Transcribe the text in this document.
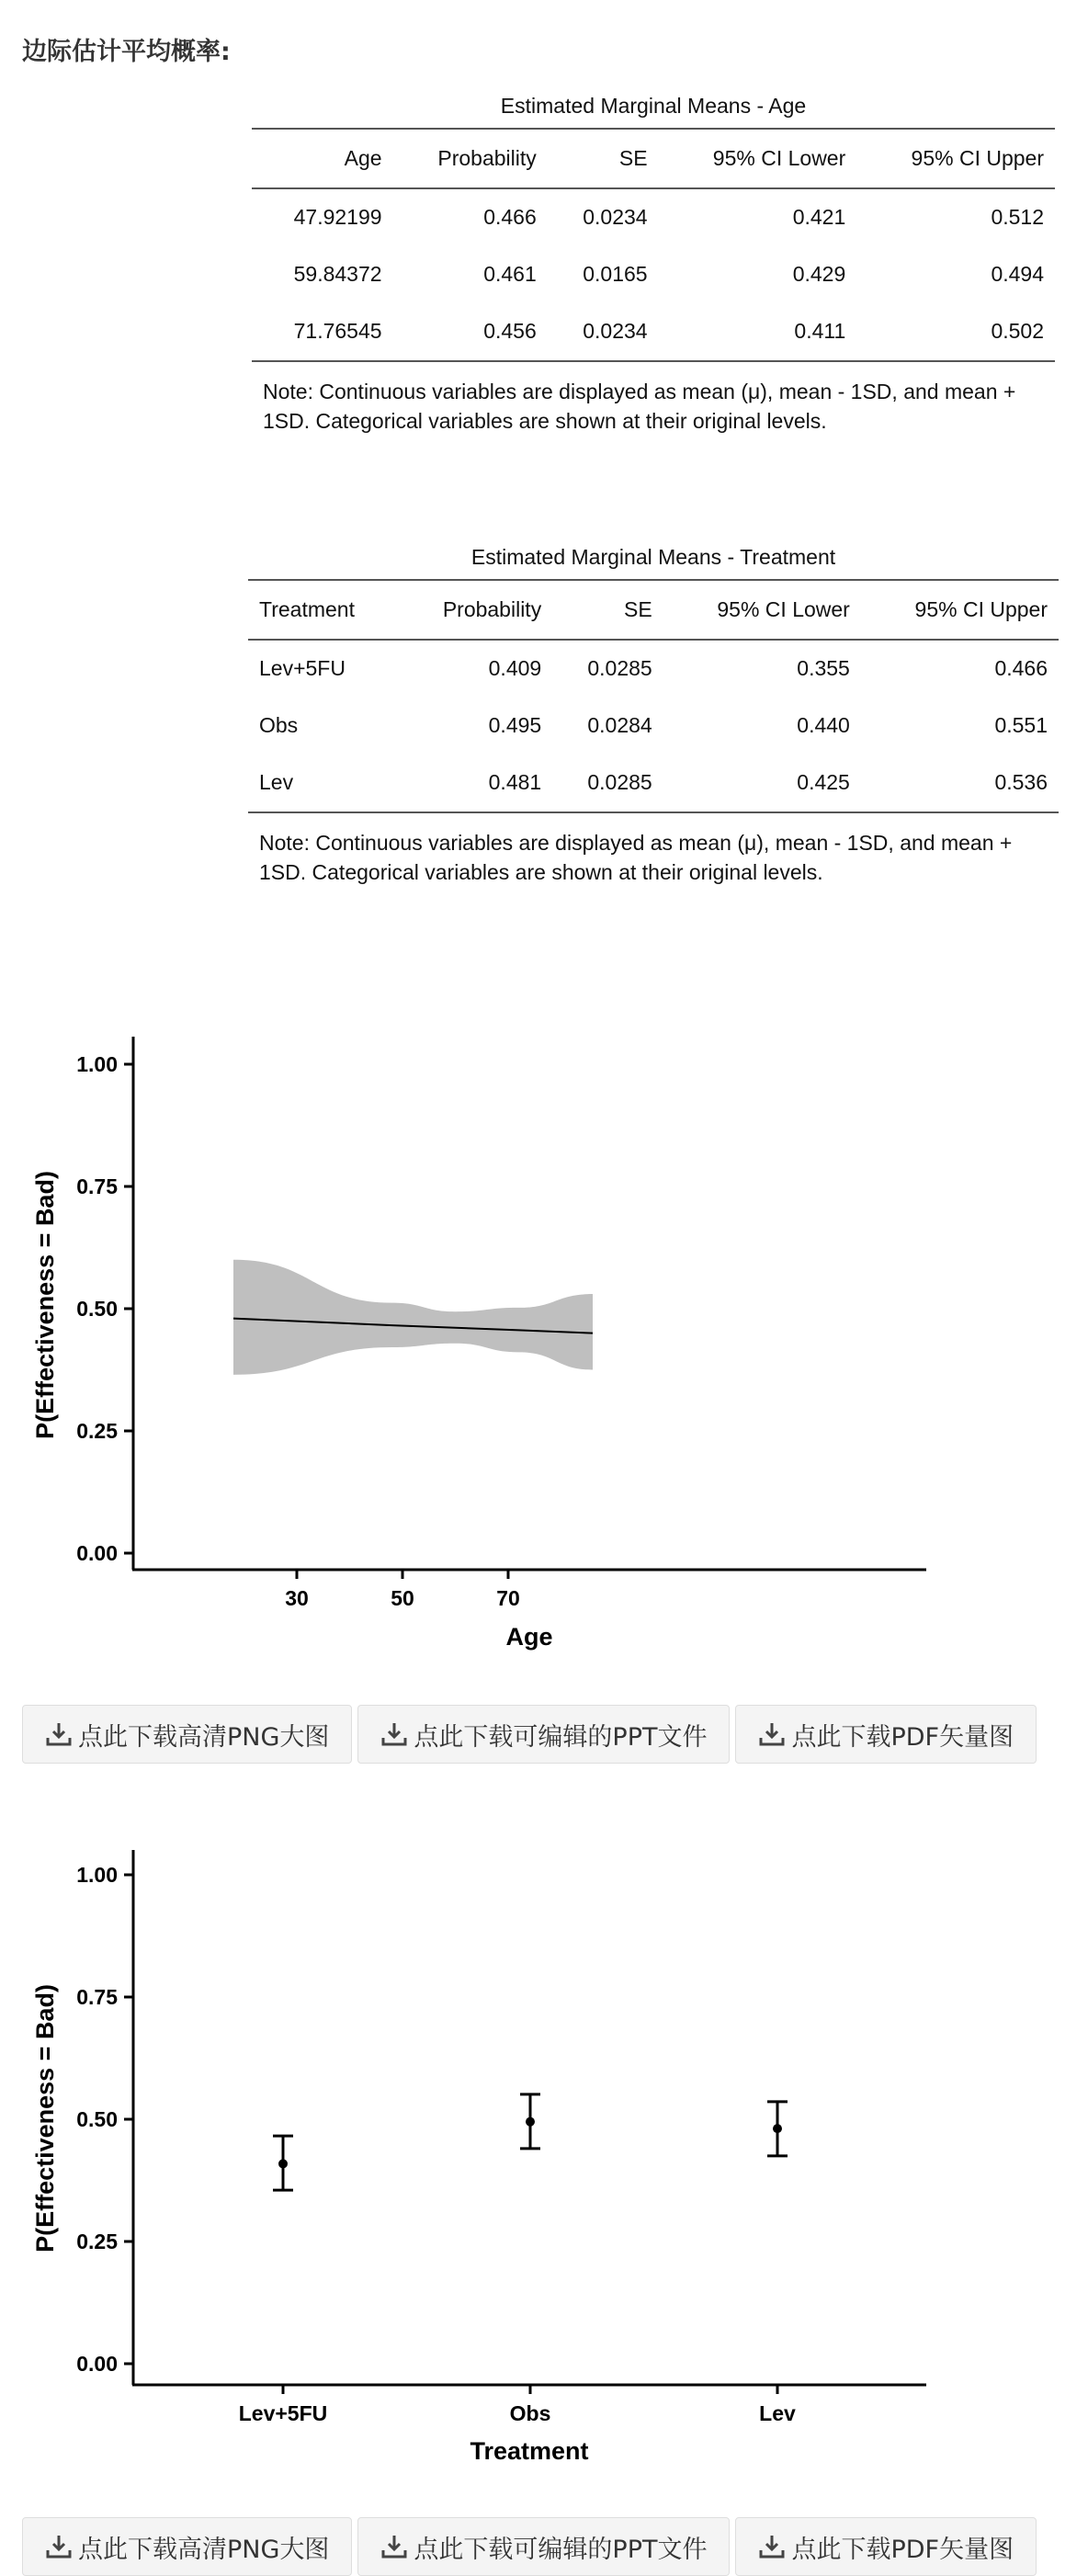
边际估计平均概率:
Estimated Marginal Means - Age
Age	Probability	SE	95% CI Lower	95% CI Upper
47.92199	0.466	0.0234	0.421	0.512
59.84372	0.461	0.0165	0.429	0.494
71.76545	0.456	0.0234	0.411	0.502
Note: Continuous variables are displayed as mean (μ), mean - 1SD, and mean + 1SD. Categorical variables are shown at their original levels.
Estimated Marginal Means - Treatment
Treatment	Probability	SE	95% CI Lower	95% CI Upper
Lev+5FU	0.409	0.0285	0.355	0.466
Obs	0.495	0.0284	0.440	0.551
Lev	0.481	0.0285	0.425	0.536
Note: Continuous variables are displayed as mean (μ), mean - 1SD, and mean + 1SD. Categorical variables are shown at their original levels.
0.00
0.25
0.50
0.75
1.00
30	50	70
Age
P(Effectiveness = Bad)
点此下载高清PNG大图	点此下载可编辑的PPT文件	点此下载PDF矢量图
0.00
0.25
0.50
0.75
1.00
Lev+5FU	Obs	Lev
Treatment
P(Effectiveness = Bad)
点此下载高清PNG大图	点此下载可编辑的PPT文件	点此下载PDF矢量图
